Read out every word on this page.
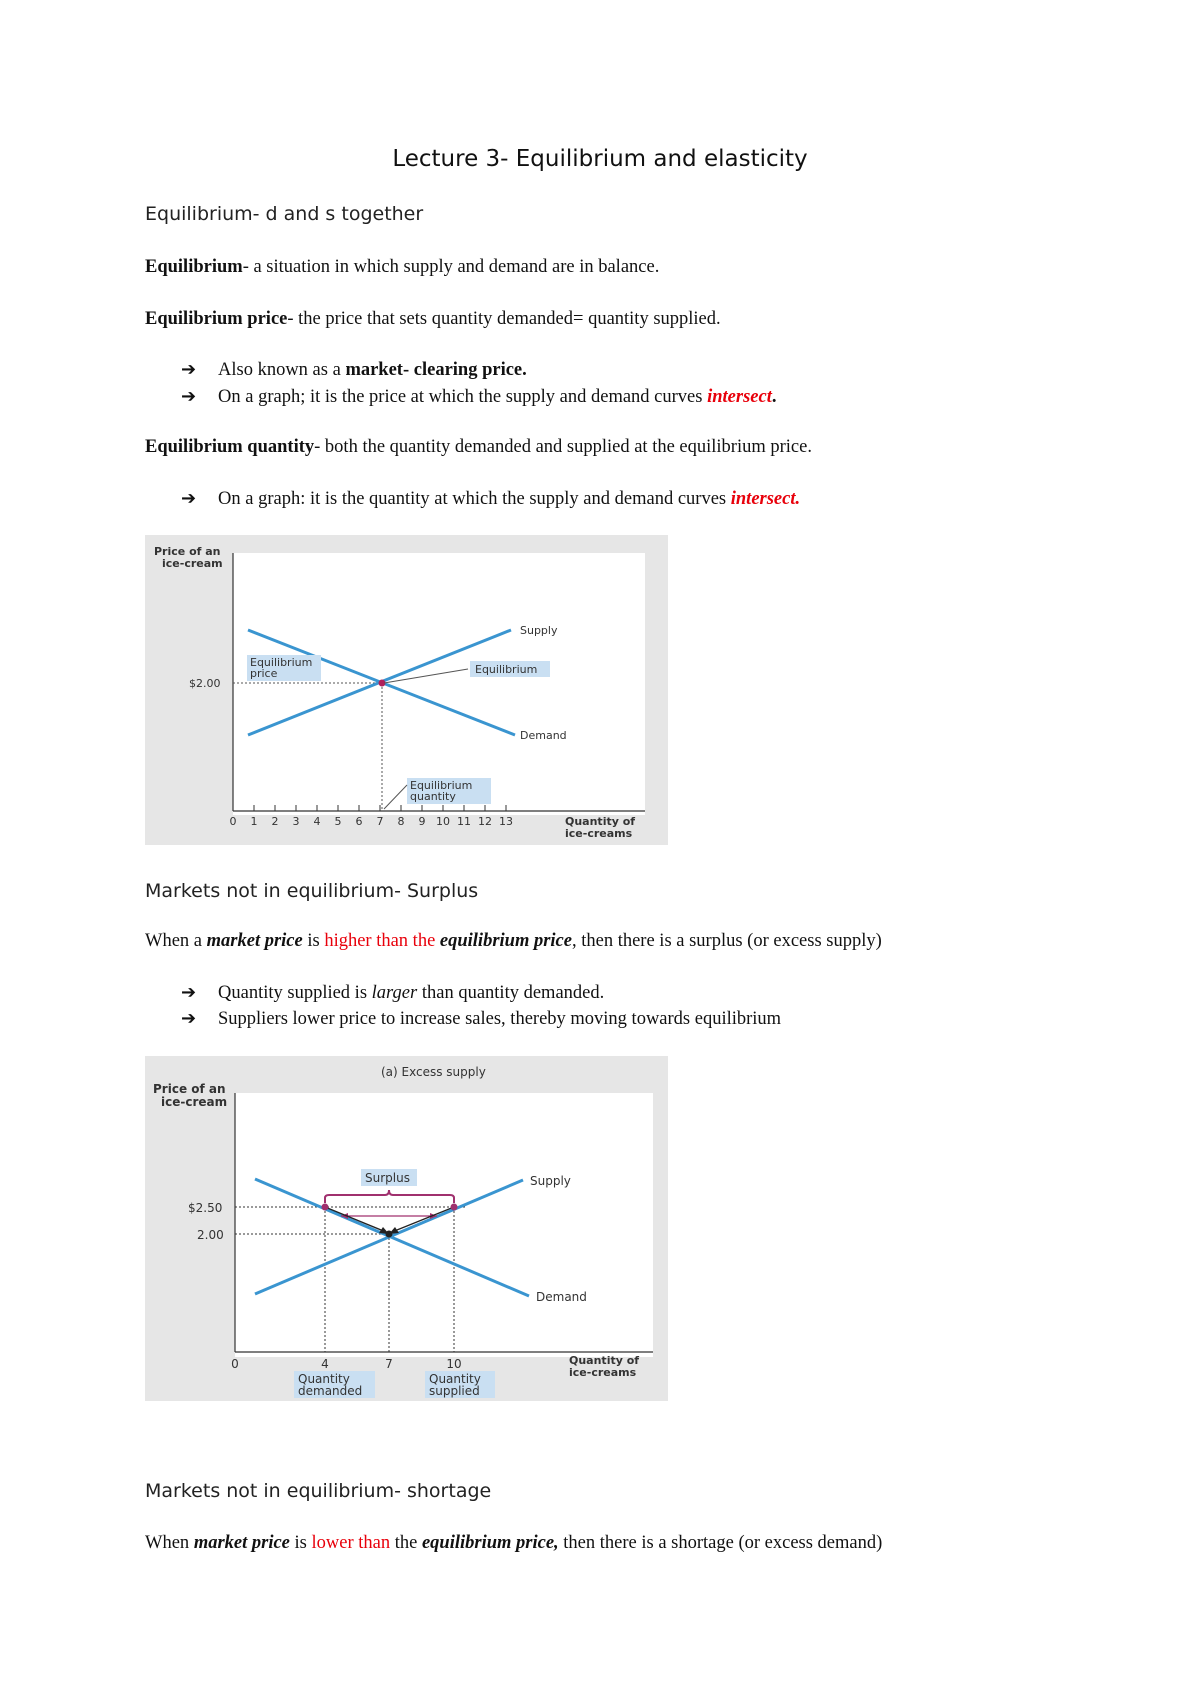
Lecture 3- Equilibrium and elasticity
Equilibrium- d and s together
Equilibrium- a situation in which supply and demand are in balance.
Equilibrium price- the price that sets quantity demanded= quantity supplied.
➔ Also known as a market- clearing price.
➔ On a graph; it is the price at which the supply and demand curves intersect.
Equilibrium quantity- both the quantity demanded and supplied at the equilibrium price.
➔ On a graph: it is the quantity at which the supply and demand curves intersect.
Price of an
ice-cream
Quantity of
ice-creams
0 1 2 3 4 5 6 7 8 9 10 11 12 13
Supply
Demand
$2.00
Equilibrium
price	Equilibrium
Equilibrium
quantity
Markets not in equilibrium- Surplus
When a market price is higher than the equilibrium price, then there is a surplus (or excess supply)
➔ Quantity supplied is larger than quantity demanded.
➔ Suppliers lower price to increase sales, thereby moving towards equilibrium
(a) Excess supply
Price of an
ice-cream
Quantity of
ice-creams
Surplus	Supply
Demand
$2.50
2.00
0	4	7	10
Quantity
demanded
Quantity
supplied
Markets not in equilibrium- shortage
When market price is lower than the equilibrium price, then there is a shortage (or excess demand)
